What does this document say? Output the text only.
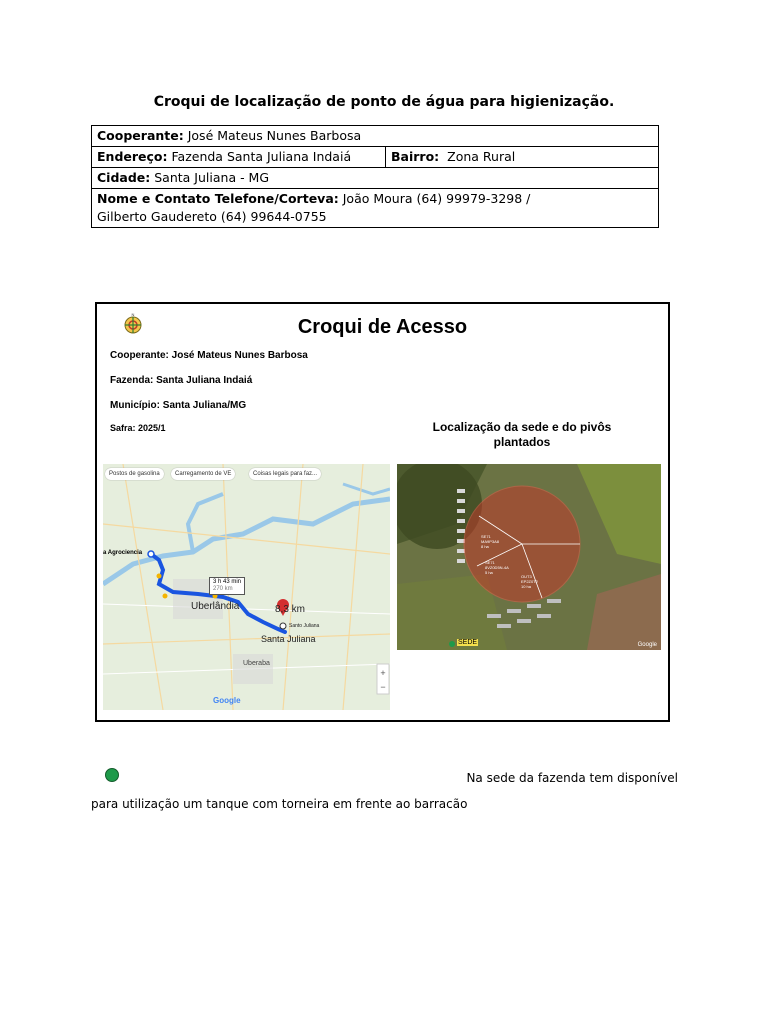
Croqui de localização de ponto de água para higienização.
Cooperante: José Mateus Nunes Barbosa
Endereço: Fazenda Santa Juliana Indaiá	Bairro: Zona Rural
Cidade: Santa Juliana - MG
Nome e Contato Telefone/Corteva: João Moura (64) 99979-3298 /
Gilberto Gaudereto (64) 99644-0755
N
Croqui de Acesso
Cooperante: José Mateus Nunes Barbosa
Fazenda: Santa Juliana Indaiá
Município: Santa Juliana/MG
Safra: 2025/1	Localização da sede e do pivôs
plantados
+
−
Postos de gasolina	Carregamento de VE	Coisas legais para faz...
a Agrociencia
3 h 43 min
270 km
Uberlândia	8,3 km
Santo Juliana
Santa Juliana
Uberaba
Google
SE71
MA9P3A8
8 ha
SE71
8VZ0D5N-4A
5 ha
OUT3
EP2Z0T2
10 ha
SEDE	Google
Na sede da fazenda tem disponível
para utilização um tanque com torneira em frente ao barracão
